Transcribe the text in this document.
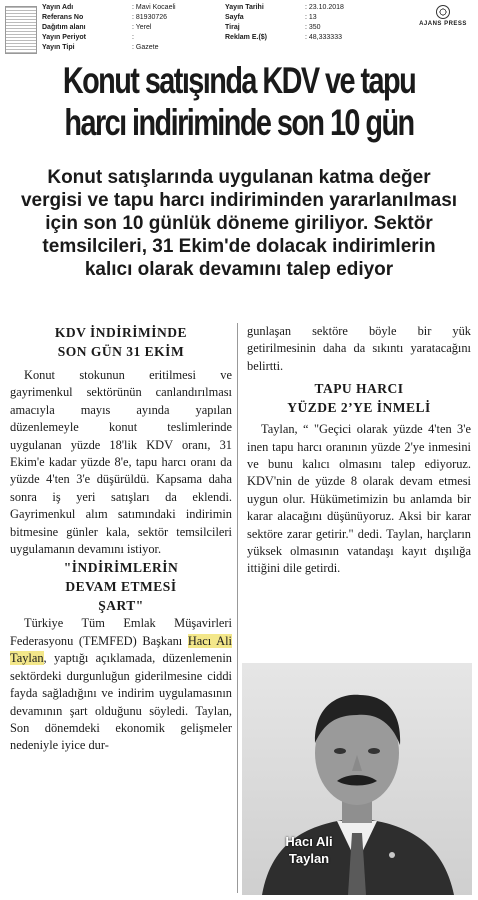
Yayın Adı	: Mavi Kocaeli
Referans No	: 81930726
Dağıtım alanı	: Yerel
Yayın Periyot	:
Yayın Tipi	: Gazete
Yayın Tarihi	: 23.10.2018
Sayfa	: 13
Tiraj	: 350
Reklam E.($)	: 48,333333
AJANS PRESS
Konut satışında KDV ve tapu
harcı indiriminde son 10 gün
Konut satışlarında uygulanan katma değer vergisi ve tapu harcı indiriminden yararlanılması için son 10 günlük döneme giriliyor. Sektör temsilcileri, 31 Ekim'de dolacak indirimlerin kalıcı olarak devamını talep ediyor
KDV İNDİRİMİNDE
SON GÜN 31 EKİM

Konut stokunun eritilmesi ve gayrimenkul sektörünün canlandırılması amacıyla mayıs ayında yapılan düzenlemeyle konut teslimlerinde uygulanan yüzde 18'lik KDV oranı, 31 Ekim'e kadar yüzde 8'e, tapu harcı oranı da yüzde 4'ten 3'e düşürüldü. Kapsama daha sonra iş yeri satışları da eklendi. Gayrimenkul alım satımındaki indirimin bitmesine günler kala, sektör temsilcileri uygulamanın devamını istiyor.

"İNDİRİMLERİN
DEVAM ETMESİ
ŞART"

Türkiye Tüm Emlak Müşavirleri Federasyonu (TEMFED) Başkanı Hacı Ali Taylan, yaptığı açıklamada, düzenlemenin sektördeki durgunluğun giderilmesine ciddi fayda sağladığını ve indirim uygulamasının devamının şart olduğunu söyledi. Taylan, Son dönemdeki ekonomik gelişmeler nedeniyle iyice dur-

gunlaşan sektöre böyle bir yük getirilmesinin daha da sıkıntı yaratacağını belirtti.

TAPU HARCI
YÜZDE 2’YE İNMELİ

Taylan, “ "Geçici olarak yüzde 4'ten 3'e inen tapu harcı oranının yüzde 2'ye inmesini ve bunu kalıcı olmasını talep ediyoruz. KDV'nin de yüzde 8 olarak devam etmesi uygun olur. Hükümetimizin bu anlamda bir karar alacağını düşünüyoruz. Aksi bir karar sektöre zarar getirir." dedi. Taylan, harçların yüksek olmasının vatandaşı kayıt dışılığa ittiğini dile getirdi.

Hacı Ali
Taylan
